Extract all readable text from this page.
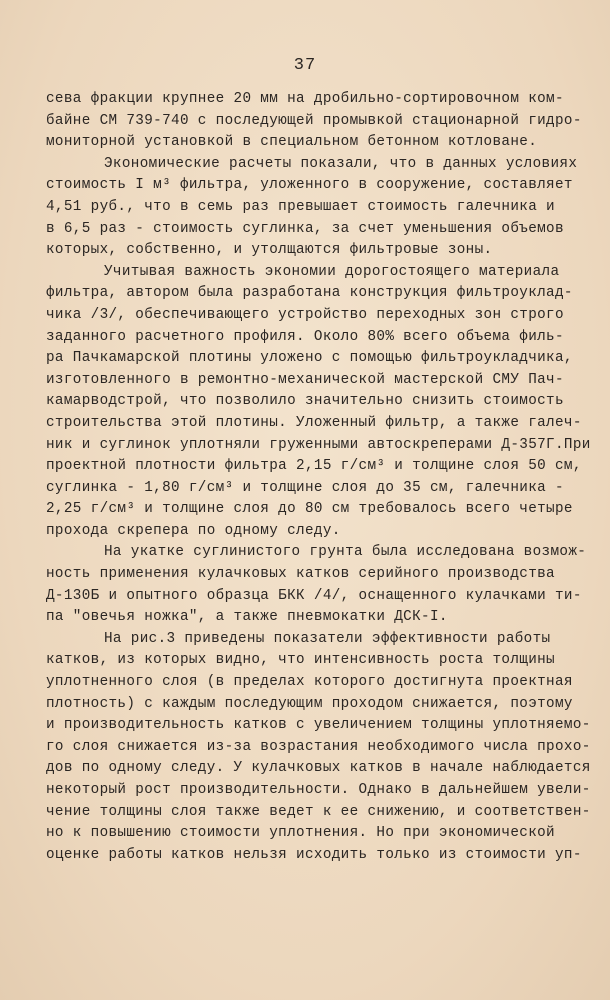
37
сева фракции крупнее 20 мм на дробильно-сортировочном ком-
байне СМ 739-740 с последующей промывкой стационарной гидро-
мониторной установкой в специальном бетонном котловане.
Экономические расчеты показали, что в данных условиях
стоимость I м³ фильтра, уложенного в сооружение, составляет
4,51 руб., что в семь раз превышает стоимость галечника и
в 6,5 раз - стоимость суглинка, за счет уменьшения объемов
которых, собственно, и утолщаются фильтровые зоны.
Учитывая важность экономии дорогостоящего материала
фильтра, автором была разработана конструкция фильтроуклад-
чика /3/, обеспечивающего устройство переходных зон строго
заданного расчетного профиля. Около 80% всего объема филь-
ра Пачкамарской плотины уложено с помощью фильтроукладчика,
изготовленного в ремонтно-механической мастерской СМУ Пач-
камарводстрой, что позволило значительно снизить стоимость
строительства этой плотины. Уложенный фильтр, а также галеч-
ник и суглинок уплотняли груженными автоскреперами Д-357Г.При
проектной плотности фильтра 2,15 г/см³ и толщине слоя 50 см,
суглинка - 1,80 г/см³ и толщине слоя до 35 см, галечника -
2,25 г/см³ и толщине слоя до 80 см требовалось всего четыре
прохода скрепера по одному следу.
На укатке суглинистого грунта была исследована возмож-
ность применения кулачковых катков серийного производства
Д-130Б и опытного образца БКК /4/, оснащенного кулачками ти-
па "овечья ножка", а также пневмокатки ДСК-I.
На рис.3 приведены показатели эффективности работы
катков, из которых видно, что интенсивность роста толщины
уплотненного слоя (в пределах которого достигнута проектная
плотность) с каждым последующим проходом снижается, поэтому
и производительность катков с увеличением толщины уплотняемо-
го слоя снижается из-за возрастания необходимого числа прохо-
дов по одному следу. У кулачковых катков в начале наблюдается
некоторый рост производительности. Однако в дальнейшем увели-
чение толщины слоя также ведет к ее снижению, и соответствен-
но к повышению стоимости уплотнения. Но при экономической
оценке работы катков нельзя исходить только из стоимости уп-
